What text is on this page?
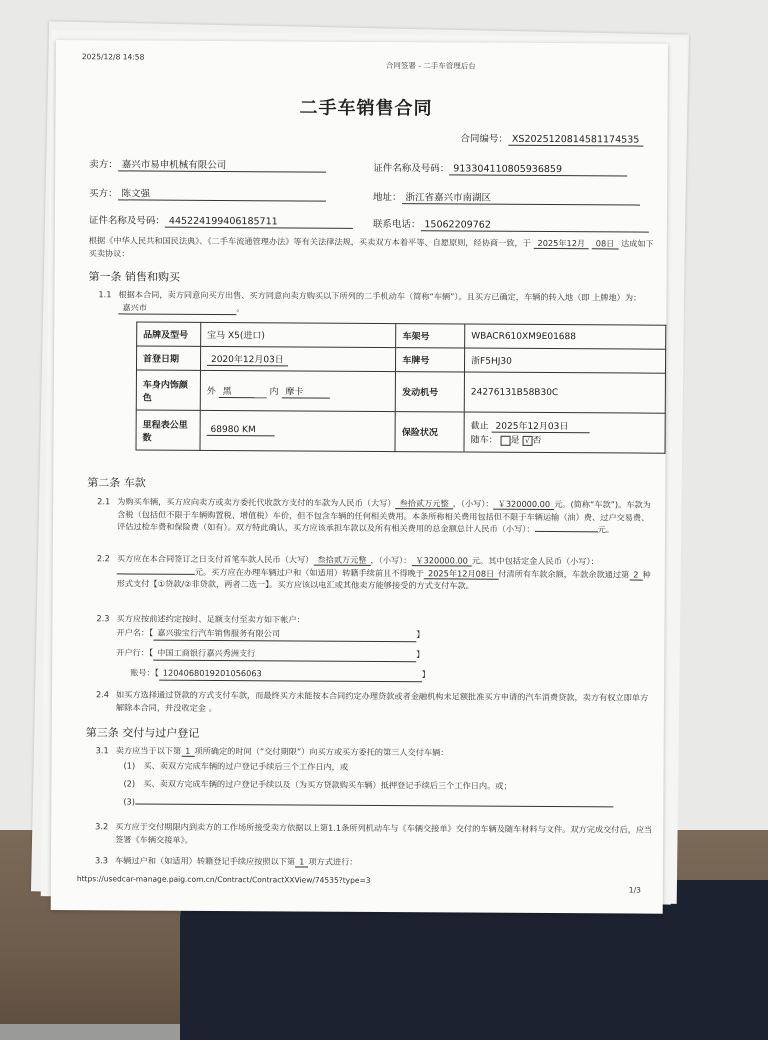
2025/12/8 14:58
合同签署 - 二手车管理后台
二手车销售合同
合同编号： XS2025120814581174535
卖方： 嘉兴市易申机械有限公司	证件名称及号码： 913304110805936859
买方： 陈文强	地址： 浙江省嘉兴市南湖区
证件名称及号码： 445224199406185711	联系电话： 15062209762
根据《中华人民共和国民法典》、《二手车流通管理办法》等有关法律法规，买卖双方本着平等、自愿原则，经协商一致，于 2025年12月 08日 达成如下买卖协议：
第一条 销售和购买
1.1 根据本合同，卖方同意向买方出售、买方同意向卖方购买以下所列的二手机动车（简称“车辆”）。且买方已确定，车辆的转入地（即 上牌地）为：嘉兴市	。
品牌及型号	宝马 X5(进口)	车架号	WBACR610XM9E01688
首登日期	2020年12月03日	车牌号	浙F5HJ30
车身内饰颜色	外 黑 内 摩卡	发动机号	24276131B58B30C
里程表公里数	68980 KM	保险状况	截止 2025年12月03日
随车： 是 √ 否
第二条 车款
2.1 为购买车辆，买方应向卖方或卖方委托代收款方支付的车款为人民币（大写） 叁拾贰万元整 ，（小写）： ￥320000.00 元。(简称“车款”)。车款为含税（包括但不限于车辆购置税、增值税）车价，但不包含车辆的任何相关费用。本条所称相关费用包括但不限于车辆运输（油）费、过户交易费、评估过检车费和保险费（如有）。双方特此确认，买方应该承担车款以及所有相关费用的总金额总计人民币（小写）：	元。
2.2 买方应在本合同签订之日支付首笔车款人民币（大写） 叁拾贰万元整 ，（小写）： ￥320000.00 元。其中包括定金人民币（小写）：元。买方应在办理车辆过户和（如适用）转籍手续前且不得晚于 2025年12月08日 付清所有车款余额，车款余款通过第 2 种形式支付【①贷款/②非贷款，两者二选一】。买方应该以电汇或其他卖方能够接受的方式支付车款。
2.3 买方应按前述约定按时、足额支付至卖方如下帐户：
开户名：【 嘉兴骏宝行汽车销售服务有限公司	】
开户行：【 中国工商银行嘉兴秀洲支行	】
账号：【 1204068019201056063	】
2.4 如买方选择通过贷款的方式支付车款，而最终买方未能按本合同约定办理贷款或者金融机构未足额批准买方申请的汽车消费贷款，卖方有权立即单方解除本合同，并没收定金 。
第三条 交付与过户登记
3.1 卖方应当于以下第 1 项所确定的时间（“交付期限”）向买方或买方委托的第三人交付车辆：
(1)　买、卖双方完成车辆的过户登记手续后三个工作日内，或
(2)　买、卖双方完成车辆的过户登记手续以及（为买方贷款购买车辆）抵押登记手续后三个工作日内。或；
(3)
3.2 买方应于交付期限内到卖方的工作场所接受卖方依据以上第1.1条所列机动车与《车辆交接单》交付的车辆及随车材料与文件。双方完成交付后，应当签署《车辆交接单》。
3.3 车辆过户和（如适用）转籍登记手续应按照以下第 1 项方式进行：
https://usedcar-manage.paig.com.cn/Contract/ContractXXView/74535?type=3
1/3
